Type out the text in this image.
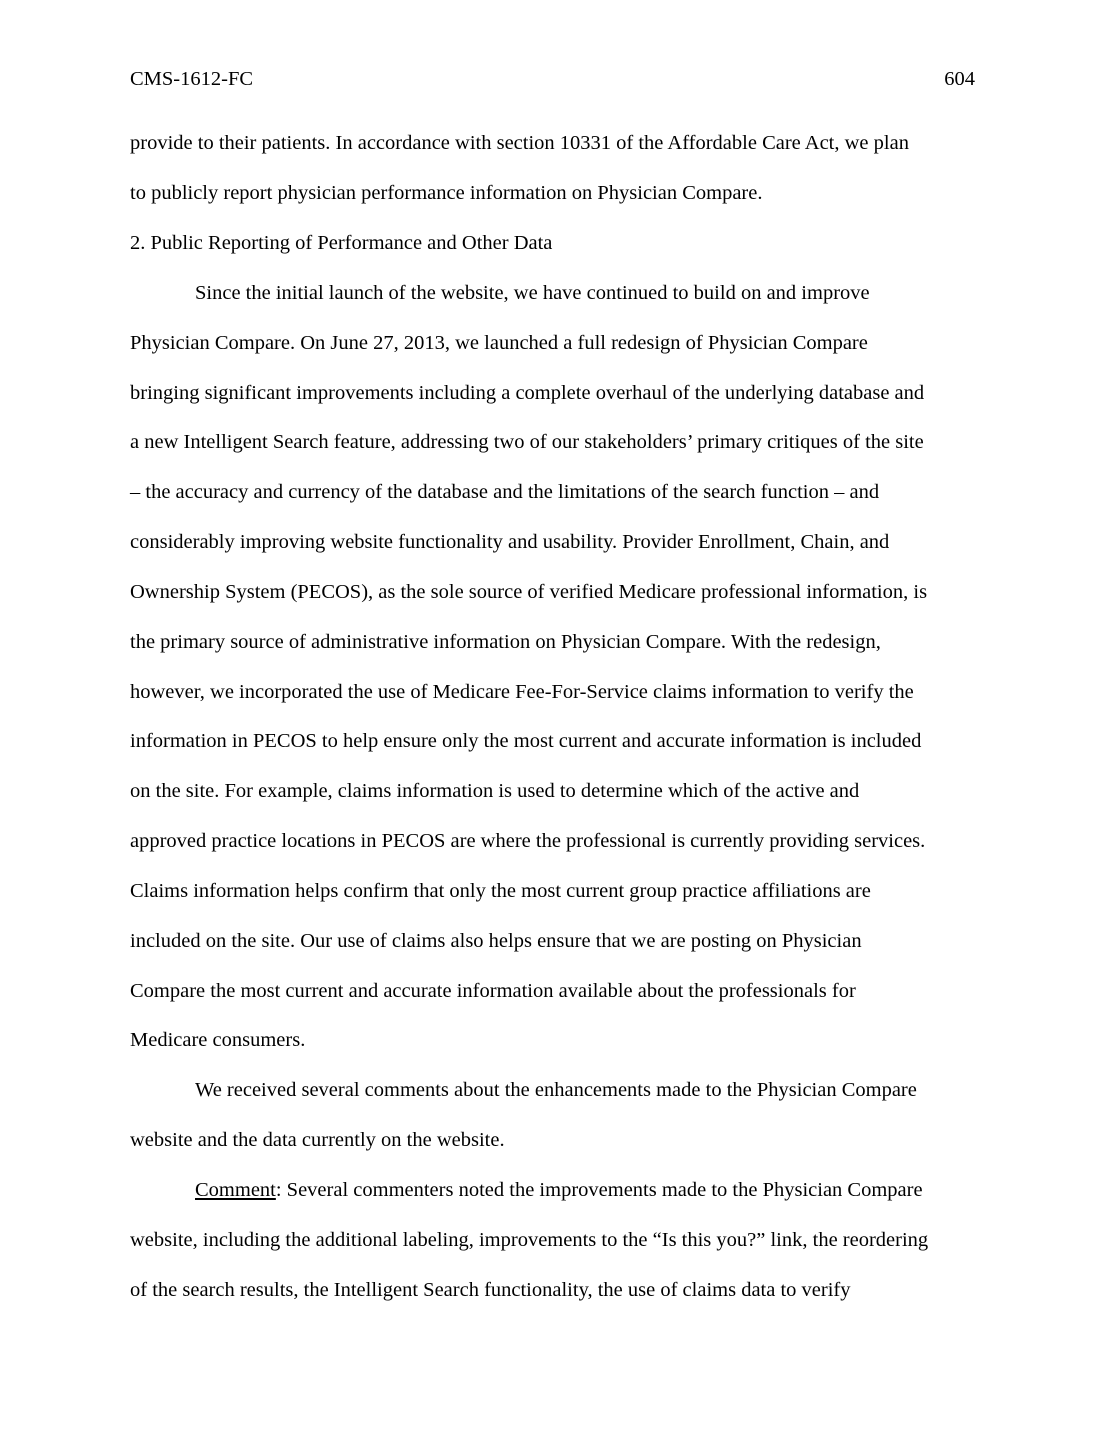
CMS-1612-FC	604
provide to their patients. In accordance with section 10331 of the Affordable Care Act, we plan
to publicly report physician performance information on Physician Compare.
2. Public Reporting of Performance and Other Data
Since the initial launch of the website, we have continued to build on and improve
Physician Compare. On June 27, 2013, we launched a full redesign of Physician Compare
bringing significant improvements including a complete overhaul of the underlying database and
a new Intelligent Search feature, addressing two of our stakeholders’ primary critiques of the site
– the accuracy and currency of the database and the limitations of the search function – and
considerably improving website functionality and usability. Provider Enrollment, Chain, and
Ownership System (PECOS), as the sole source of verified Medicare professional information, is
the primary source of administrative information on Physician Compare. With the redesign,
however, we incorporated the use of Medicare Fee-For-Service claims information to verify the
information in PECOS to help ensure only the most current and accurate information is included
on the site. For example, claims information is used to determine which of the active and
approved practice locations in PECOS are where the professional is currently providing services.
Claims information helps confirm that only the most current group practice affiliations are
included on the site. Our use of claims also helps ensure that we are posting on Physician
Compare the most current and accurate information available about the professionals for
Medicare consumers.
We received several comments about the enhancements made to the Physician Compare
website and the data currently on the website.
Comment: Several commenters noted the improvements made to the Physician Compare
website, including the additional labeling, improvements to the “Is this you?” link, the reordering
of the search results, the Intelligent Search functionality, the use of claims data to verify
